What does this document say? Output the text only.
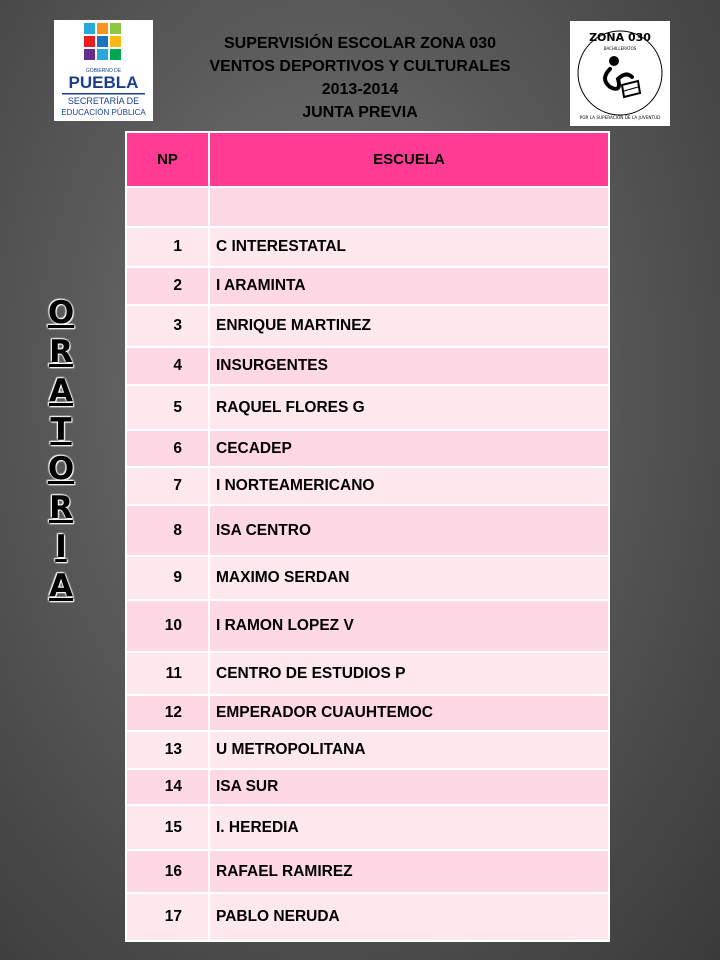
GOBIERNO DE
PUEBLA
SECRETARÍA DE
EDUCACIÓN PÚBLICA
SUPERVISIÓN ESCOLAR ZONA 030
VENTOS DEPORTIVOS Y CULTURALES
2013-2014
JUNTA PREVIA
ZONA 030
BACHILLERATOS
POR LA SUPERACION DE LA JUVENTUD
O
R
A
T
O
R
I
A
NP	ESCUELA

1	C INTERESTATAL
2	I ARAMINTA
3	ENRIQUE MARTINEZ
4	INSURGENTES
5	RAQUEL FLORES G
6	CECADEP
7	I NORTEAMERICANO
8	ISA CENTRO
9	MAXIMO SERDAN
10	I RAMON LOPEZ V
11	CENTRO DE ESTUDIOS P
12	EMPERADOR CUAUHTEMOC
13	U METROPOLITANA
14	ISA SUR
15	I. HEREDIA
16	RAFAEL RAMIREZ
17	PABLO NERUDA
